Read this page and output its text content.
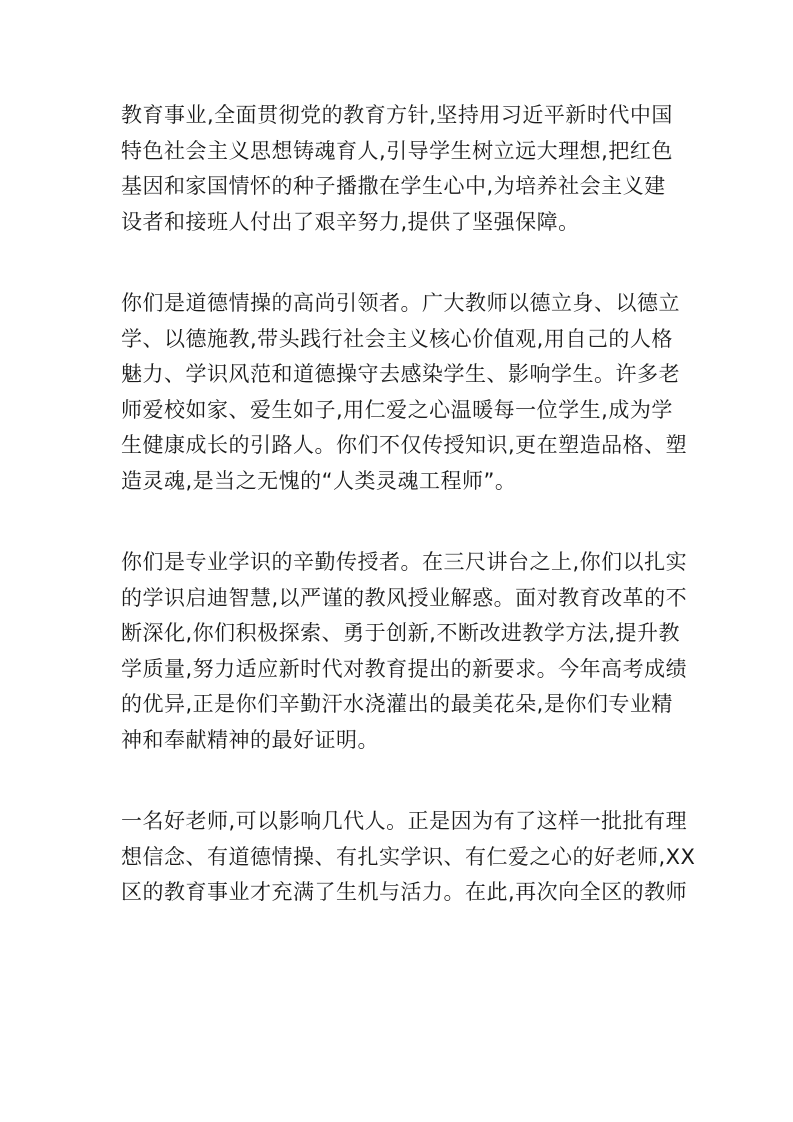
教育事业,全面贯彻党的教育方针,坚持用习近平新时代中国
特色社会主义思想铸魂育人,引导学生树立远大理想,把红色
基因和家国情怀的种子播撒在学生心中,为培养社会主义建
设者和接班人付出了艰辛努力,提供了坚强保障。

你们是道德情操的高尚引领者。广大教师以德立身、以德立
学、以德施教,带头践行社会主义核心价值观,用自己的人格
魅力、学识风范和道德操守去感染学生、影响学生。许多老
师爱校如家、爱生如子,用仁爱之心温暖每一位学生,成为学
生健康成长的引路人。你们不仅传授知识,更在塑造品格、塑
造灵魂,是当之无愧的“人类灵魂工程师”。

你们是专业学识的辛勤传授者。在三尺讲台之上,你们以扎实
的学识启迪智慧,以严谨的教风授业解惑。面对教育改革的不
断深化,你们积极探索、勇于创新,不断改进教学方法,提升教
学质量,努力适应新时代对教育提出的新要求。今年高考成绩
的优异,正是你们辛勤汗水浇灌出的最美花朵,是你们专业精
神和奉献精神的最好证明。

一名好老师,可以影响几代人。正是因为有了这样一批批有理
想信念、有道德情操、有扎实学识、有仁爱之心的好老师,XX
区的教育事业才充满了生机与活力。在此,再次向全区的教师
